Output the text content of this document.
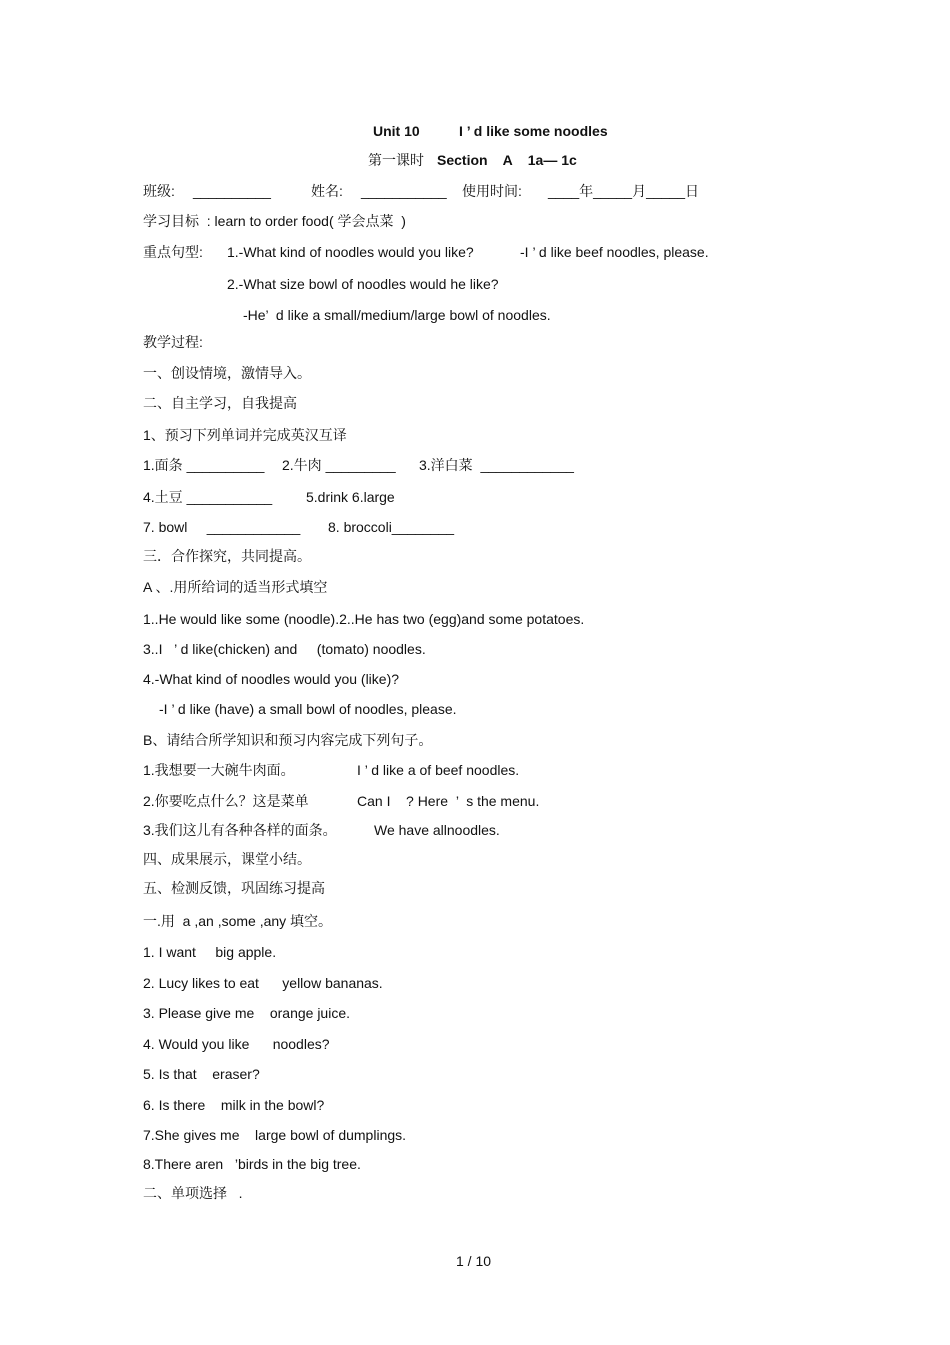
Unit 10	I ’ d like some noodles
第一课时 Section    A    1a— 1c
班级: __________	姓名: ___________ 使用时间: ____年_____月_____日
学习目标  : learn to order food( 学会点菜  )
重点句型: 1.-What kind of noodles would you like?	-I ’ d like beef noodles, please.
2.-What size bowl of noodles would he like?
-He’  d like a small/medium/large bowl of noodles.
教学过程:
一、创设情境，激情导入。
二、自主学习，自我提高
1、预习下列单词并完成英汉互译
1.面条 __________ 2.牛肉 _________ 3.洋白菜  ____________
4.土豆 ___________ 5.drink 6.large
7. bowl     ____________ 8. broccoli________
三．合作探究，共同提高。
A 、.用所给词的适当形式填空
1..He would like some (noodle).2..He has two (egg)and some potatoes.
3..I   ’ d like(chicken) and     (tomato) noodles.
4.-What kind of noodles would you (like)?
-I ’ d like (have) a small bowl of noodles, please.
B、请结合所学知识和预习内容完成下列句子。
1.我想要一大碗牛肉面。	I ’ d like a of beef noodles.
2.你要吃点什么？这是菜单	Can I    ? Here  ’  s the menu.
3.我们这儿有各种各样的面条。	We have allnoodles.
四、成果展示，课堂小结。
五、检测反馈，巩固练习提高
一.用  a ,an ,some ,any 填空。
1. I want     big apple.
2. Lucy likes to eat      yellow bananas.
3. Please give me    orange juice.
4. Would you like      noodles?
5. Is that    eraser?
6. Is there    milk in the bowl?
7.She gives me    large bowl of dumplings.
8.There aren   ’birds in the big tree.
二、单项选择   .
1 / 10
